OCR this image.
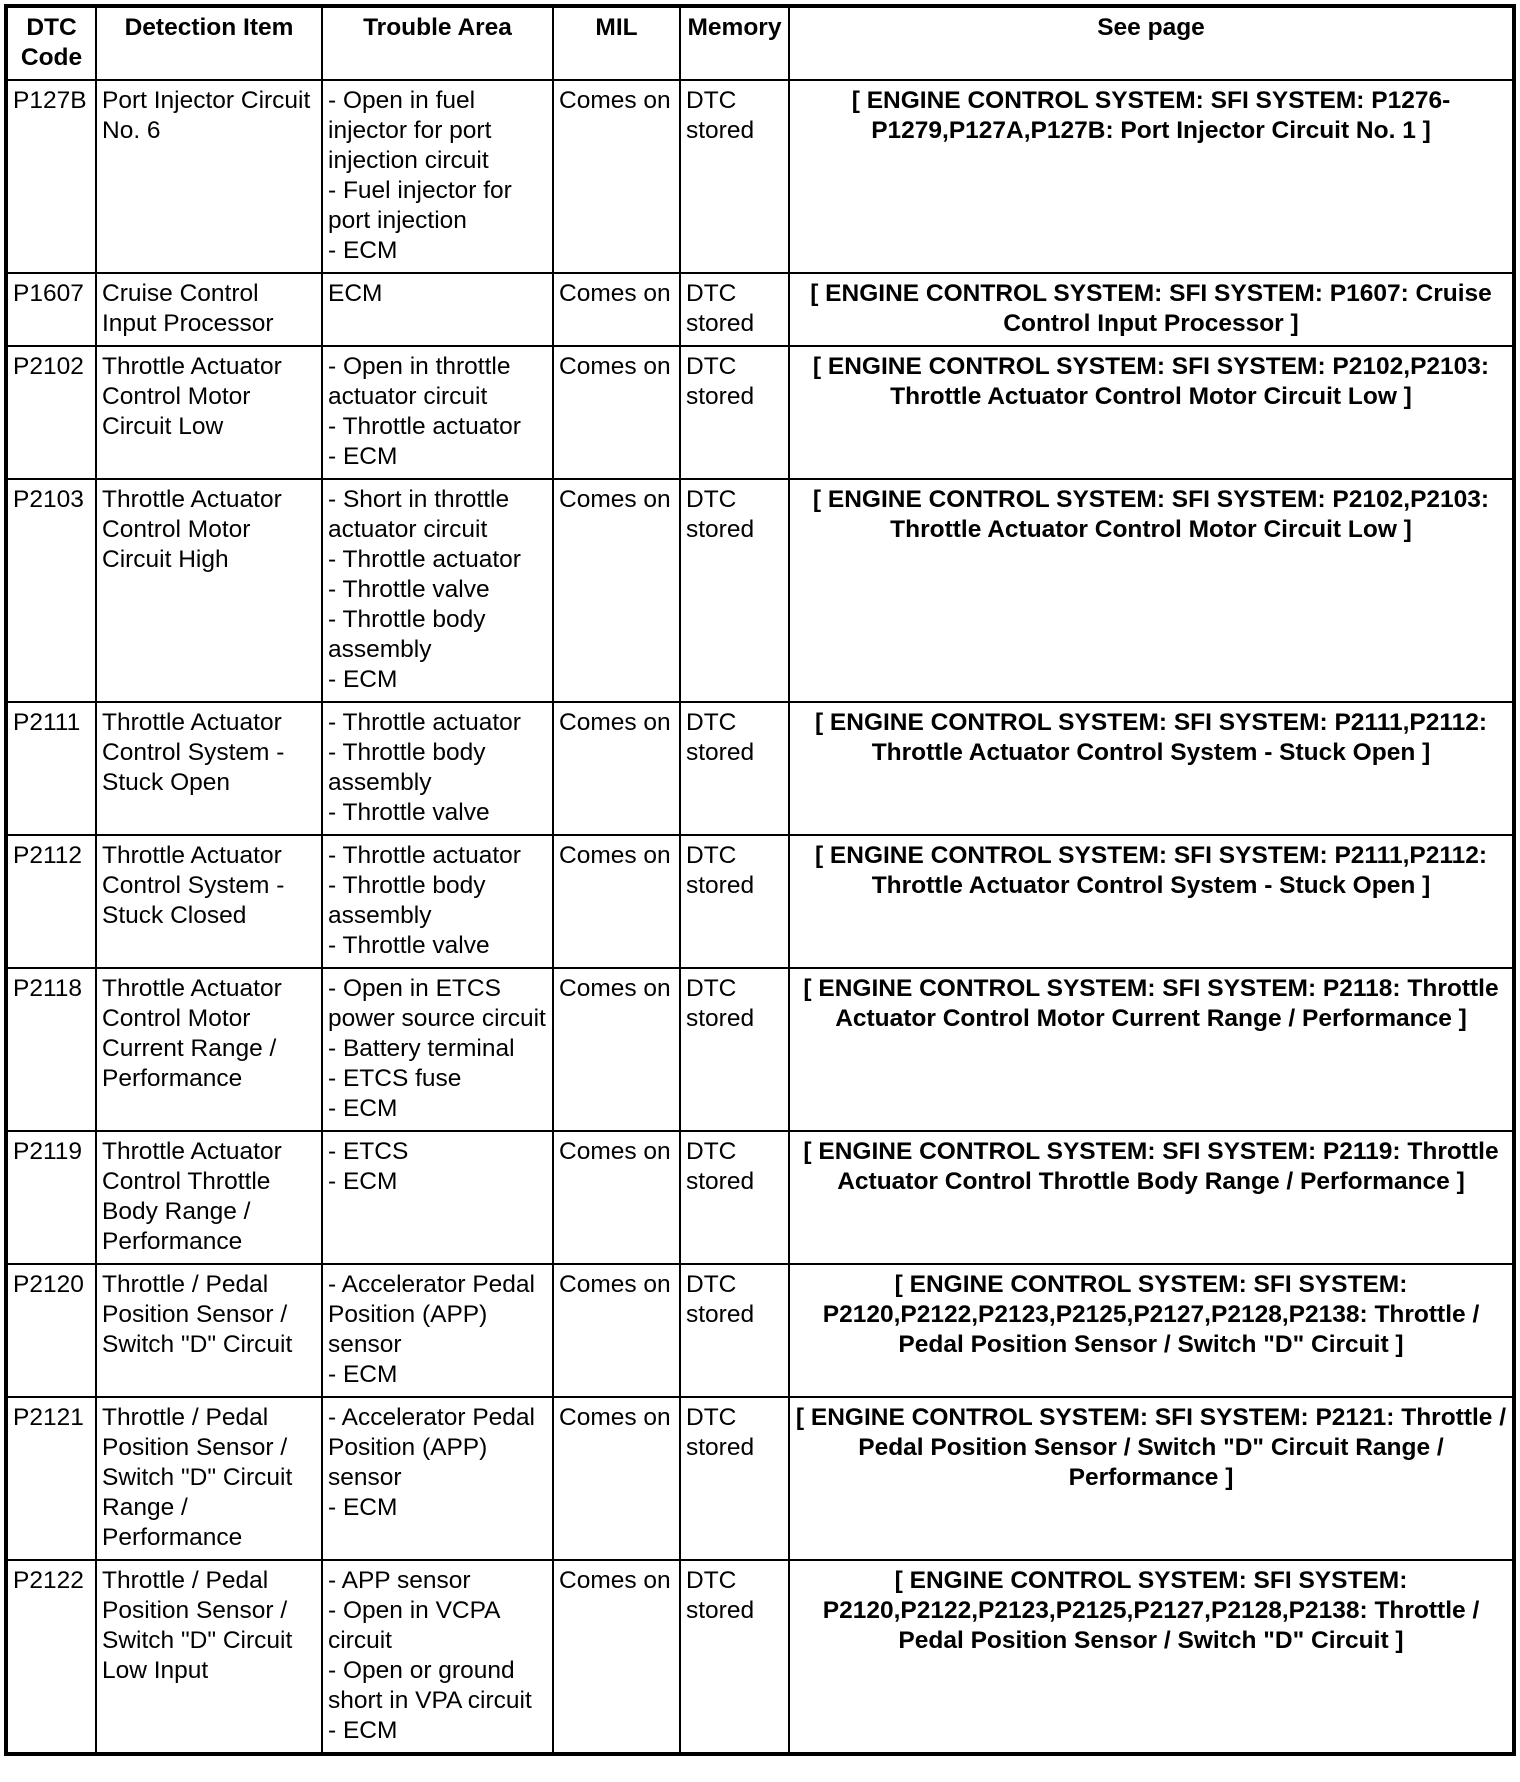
DTC Code	Detection Item	Trouble Area	MIL	Memory	See page
P127B	Port Injector Circuit No. 6	- Open in fuel injector for port injection circuit
- Fuel injector for port injection
- ECM	Comes on	DTC stored	[ ENGINE CONTROL SYSTEM: SFI SYSTEM: P1276-P1279,P127A,P127B: Port Injector Circuit No. 1 ]
P1607	Cruise Control Input Processor	ECM	Comes on	DTC stored	[ ENGINE CONTROL SYSTEM: SFI SYSTEM: P1607: Cruise Control Input Processor ]
P2102	Throttle Actuator Control Motor Circuit Low	- Open in throttle actuator circuit
- Throttle actuator
- ECM	Comes on	DTC stored	[ ENGINE CONTROL SYSTEM: SFI SYSTEM: P2102,P2103: Throttle Actuator Control Motor Circuit Low ]
P2103	Throttle Actuator Control Motor Circuit High	- Short in throttle actuator circuit
- Throttle actuator
- Throttle valve
- Throttle body assembly
- ECM	Comes on	DTC stored	[ ENGINE CONTROL SYSTEM: SFI SYSTEM: P2102,P2103: Throttle Actuator Control Motor Circuit Low ]
P2111	Throttle Actuator Control System - Stuck Open	- Throttle actuator
- Throttle body assembly
- Throttle valve	Comes on	DTC stored	[ ENGINE CONTROL SYSTEM: SFI SYSTEM: P2111,P2112: Throttle Actuator Control System - Stuck Open ]
P2112	Throttle Actuator Control System - Stuck Closed	- Throttle actuator
- Throttle body assembly
- Throttle valve	Comes on	DTC stored	[ ENGINE CONTROL SYSTEM: SFI SYSTEM: P2111,P2112: Throttle Actuator Control System - Stuck Open ]
P2118	Throttle Actuator Control Motor Current Range / Performance	- Open in ETCS power source circuit
- Battery terminal
- ETCS fuse
- ECM	Comes on	DTC stored	[ ENGINE CONTROL SYSTEM: SFI SYSTEM: P2118: Throttle Actuator Control Motor Current Range / Performance ]
P2119	Throttle Actuator Control Throttle Body Range / Performance	- ETCS
- ECM	Comes on	DTC stored	[ ENGINE CONTROL SYSTEM: SFI SYSTEM: P2119: Throttle Actuator Control Throttle Body Range / Performance ]
P2120	Throttle / Pedal Position Sensor / Switch "D" Circuit	- Accelerator Pedal Position (APP) sensor
- ECM	Comes on	DTC stored	[ ENGINE CONTROL SYSTEM: SFI SYSTEM: P2120,P2122,P2123,P2125,P2127,P2128,P2138: Throttle / Pedal Position Sensor / Switch "D" Circuit ]
P2121	Throttle / Pedal Position Sensor / Switch "D" Circuit Range / Performance	- Accelerator Pedal Position (APP) sensor
- ECM	Comes on	DTC stored	[ ENGINE CONTROL SYSTEM: SFI SYSTEM: P2121: Throttle / Pedal Position Sensor / Switch "D" Circuit Range / Performance ]
P2122	Throttle / Pedal Position Sensor / Switch "D" Circuit Low Input	- APP sensor
- Open in VCPA circuit
- Open or ground short in VPA circuit
- ECM	Comes on	DTC stored	[ ENGINE CONTROL SYSTEM: SFI SYSTEM: P2120,P2122,P2123,P2125,P2127,P2128,P2138: Throttle / Pedal Position Sensor / Switch "D" Circuit ]
